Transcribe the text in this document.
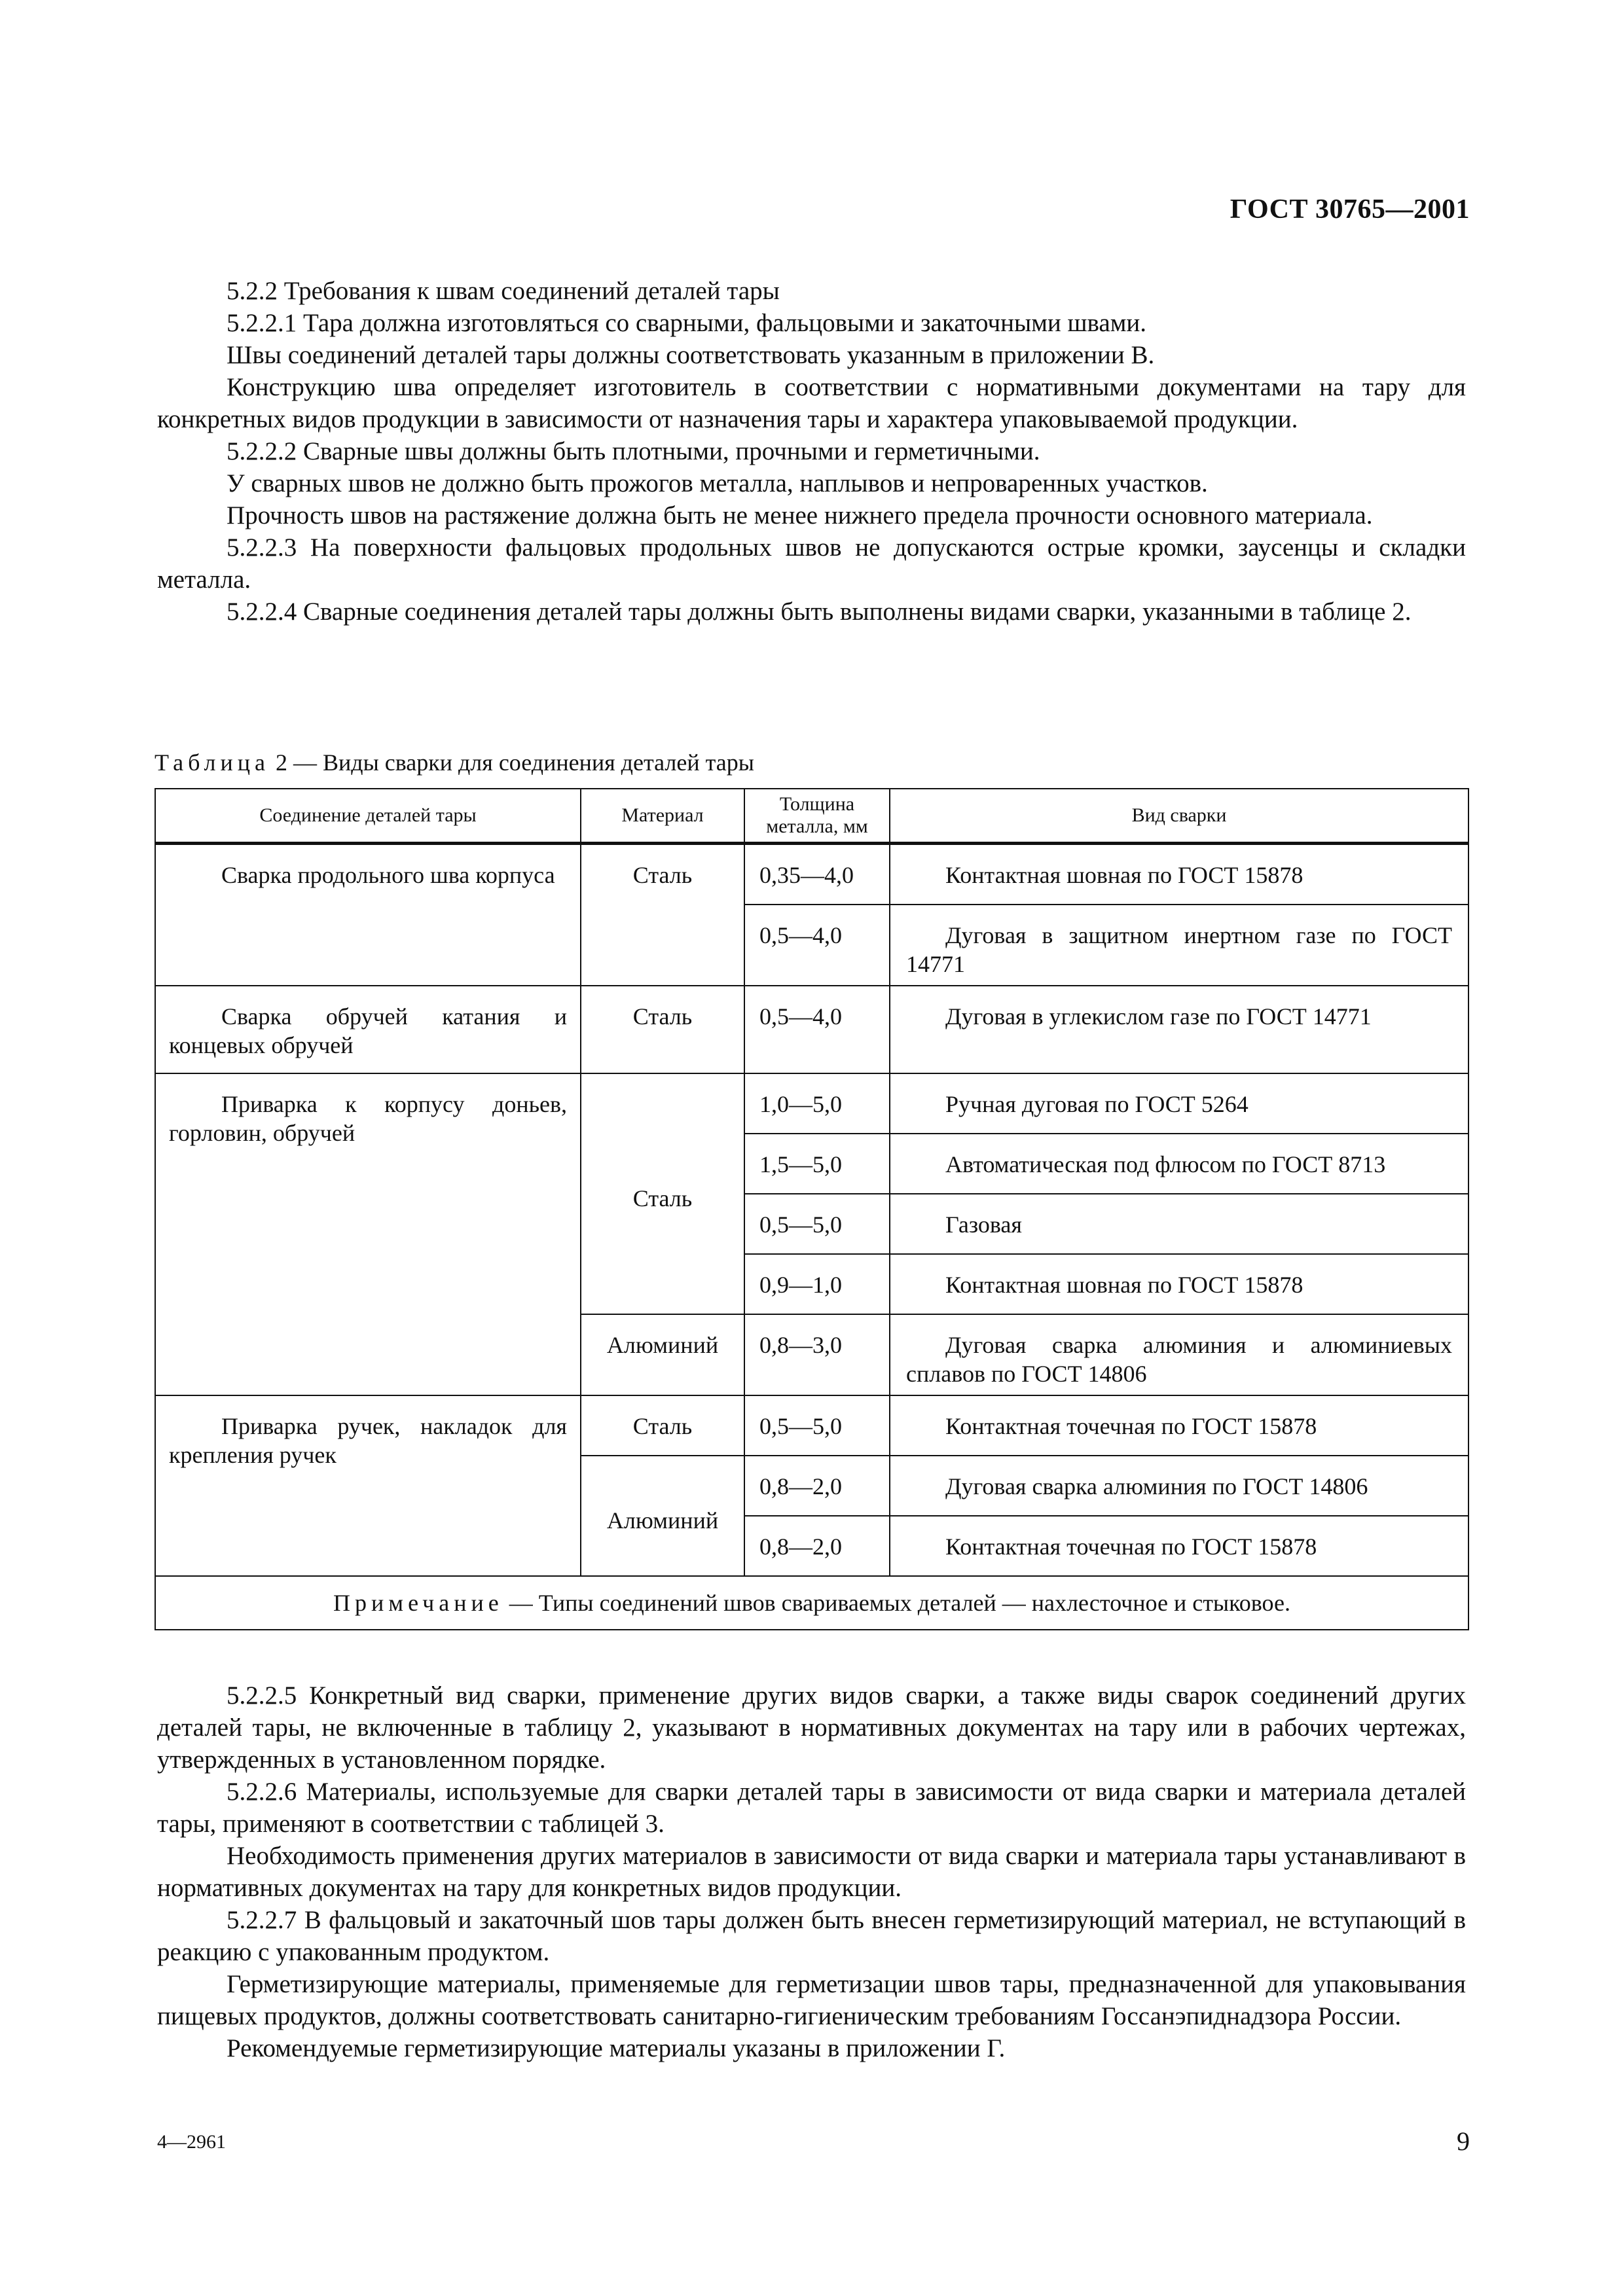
ГОСТ 30765—2001

5.2.2 Требования к швам соединений деталей тары

5.2.2.1 Тара должна изготовляться со сварными, фальцовыми и закаточными швами.

Швы соединений деталей тары должны соответствовать указанным в приложении В.

Конструкцию шва определяет изготовитель в соответствии с нормативными документами на тару для конкретных видов продукции в зависимости от назначения тары и характера упаковываемой продукции.

5.2.2.2 Сварные швы должны быть плотными, прочными и герметичными.

У сварных швов не должно быть прожогов металла, наплывов и непроваренных участков.

Прочность швов на растяжение должна быть не менее нижнего предела прочности основного материала.

5.2.2.3 На поверхности фальцовых продольных швов не допускаются острые кромки, заусенцы и складки металла.

5.2.2.4 Сварные соединения деталей тары должны быть выполнены видами сварки, указанными в таблице 2.

Таблица 2 — Виды сварки для соединения деталей тары
Соединение деталей тары	Материал	Толщина металла, мм	Вид сварки
Сварка продольного шва корпуса	Сталь	0,35—4,0	Контактная шовная по ГОСТ 15878
		0,5—4,0	Дуговая в защитном инертном газе по ГОСТ 14771
Сварка обручей катания и концевых обручей	Сталь	0,5—4,0	Дуговая в углекислом газе по ГОСТ 14771
Приварка к корпусу доньев, горловин, обручей	Сталь	1,0—5,0	Ручная дуговая по ГОСТ 5264
		1,5—5,0	Автоматическая под флюсом по ГОСТ 8713
		0,5—5,0	Газовая
		0,9—1,0	Контактная шовная по ГОСТ 15878
	Алюминий	0,8—3,0	Дуговая сварка алюминия и алюминиевых сплавов по ГОСТ 14806
Приварка ручек, накладок для крепления ручек	Сталь	0,5—5,0	Контактная точечная по ГОСТ 15878
	Алюминий	0,8—2,0	Дуговая сварка алюминия по ГОСТ 14806
		0,8—2,0	Контактная точечная по ГОСТ 15878
Примечание — Типы соединений швов свариваемых деталей — нахлесточное и стыковое.			

5.2.2.5 Конкретный вид сварки, применение других видов сварки, а также виды сварок соединений других деталей тары, не включенные в таблицу 2, указывают в нормативных документах на тару или в рабочих чертежах, утвержденных в установленном порядке.

5.2.2.6 Материалы, используемые для сварки деталей тары в зависимости от вида сварки и материала деталей тары, применяют в соответствии с таблицей 3.

Необходимость применения других материалов в зависимости от вида сварки и материала тары устанавливают в нормативных документах на тару для конкретных видов продукции.

5.2.2.7 В фальцовый и закаточный шов тары должен быть внесен герметизирующий материал, не вступающий в реакцию с упакованным продуктом.

Герметизирующие материалы, применяемые для герметизации швов тары, предназначенной для упаковывания пищевых продуктов, должны соответствовать санитарно-гигиеническим требованиям Госсанэпиднадзора России.

Рекомендуемые герметизирующие материалы указаны в приложении Г.

4—2961	9
